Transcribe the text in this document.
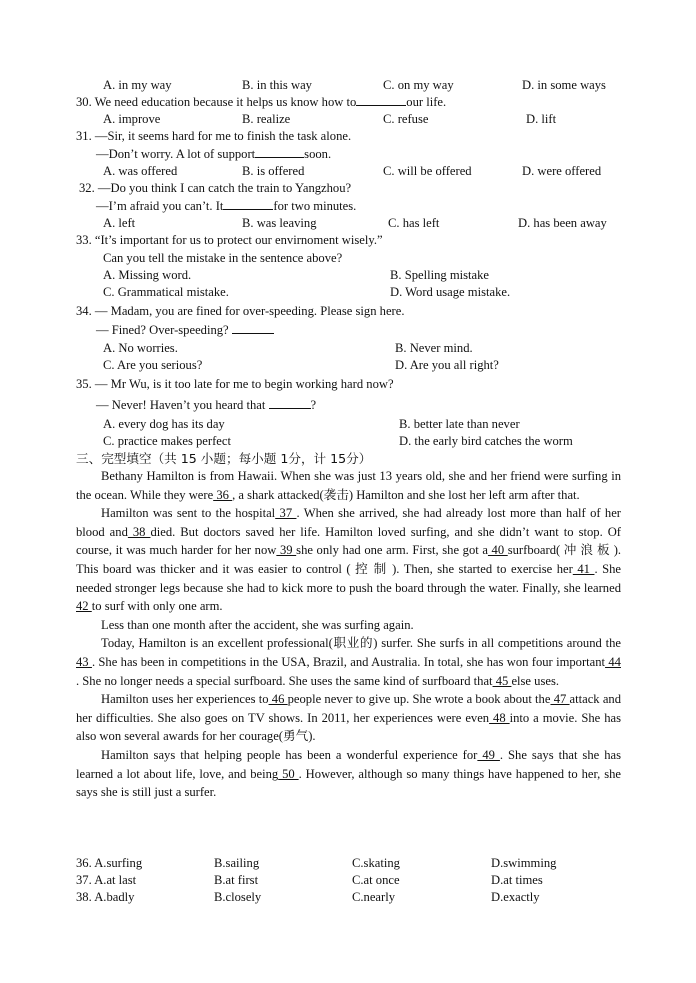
A. in my way	B. in this way	C. on my way	D. in some ways
30. We need education because it helps us know how to	our life.
A. improve	B. realize	C. refuse	D. lift
31. —Sir, it seems hard for me to finish the task alone.
—Don’t worry. A lot of support	soon.
A. was offered	B. is offered	C. will be offered	D. were offered
32. —Do you think I can catch the train to Yangzhou?
—I’m afraid you can’t. It	for two minutes.
A. left	B. was leaving	C. has left	D. has been away
33. “It’s important for us to protect our envirnoment wisely.”
Can you tell the mistake in the sentence above?
A. Missing word.	B. Spelling mistake
C. Grammatical mistake.	D. Word usage mistake.
34. — Madam, you are fined for over-speeding. Please sign here.
— Fined? Over-speeding?
A. No worries.	B. Never mind.
C. Are you serious?	D. Are you all right?
35. — Mr Wu, is it too late for me to begin working hard now?
— Never! Haven’t you heard that	?
A. every dog has its day	B. better late than never
C. practice makes perfect	D. the early bird catches the worm
三、完型填空（共 15 小题；每小题 1分，计 15分）

Bethany Hamilton is from Hawaii. When she was just 13 years old, she and her friend were surfing in the ocean. While they were 36 , a shark attacked(袭击) Hamilton and she lost her left arm after that.

Hamilton was sent to the hospital 37 . When she arrived, she had already lost more than half of her blood and 38 died. But doctors saved her life. Hamilton loved surfing, and she didn’t want to stop. Of course, it was much harder for her now 39 she only had one arm. First, she got a 40 surfboard( 冲 浪 板 ). This board was thicker and it was easier to control ( 控 制 ). Then, she started to exercise her 41 . She needed stronger legs because she had to kick more to push the board through the water. Finally, she learned 42 to surf with only one arm.

Less than one month after the accident, she was surfing again.

Today, Hamilton is an excellent professional(职业的) surfer. She surfs in all competitions around the 43 . She has been in competitions in the USA, Brazil, and Australia. In total, she has won four important 44 . She no longer needs a special surfboard. She uses the same kind of surfboard that 45 else uses.

Hamilton uses her experiences to 46 people never to give up. She wrote a book about the 47 attack and her difficulties. She also goes on TV shows. In 2011, her experiences were even 48 into a movie. She has also won several awards for her courage(勇气).

Hamilton says that helping people has been a wonderful experience for 49 . She says that she has learned a lot about life, love, and being 50 . However, although so many things have happened to her, she says she is still just a surfer.

36. A.surfing	B.sailing	C.skating	D.swimming
37. A.at last	B.at first	C.at once	D.at times
38. A.badly	B.closely	C.nearly	D.exactly
